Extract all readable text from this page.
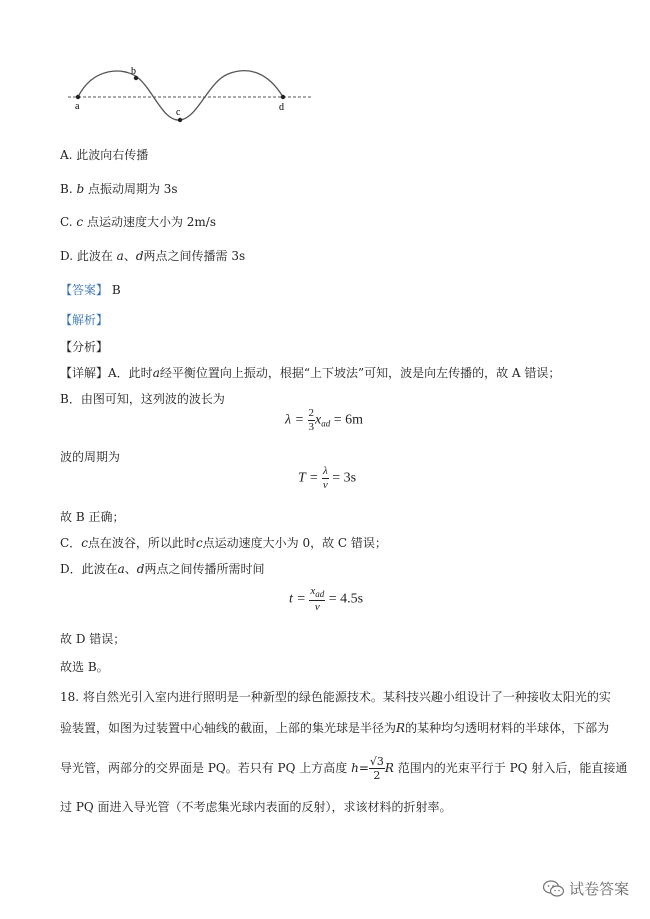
a
b
c	d
A. 此波向右传播
B. b 点振动周期为 3s
C. c 点运动速度大小为 2m/s
D. 此波在 a、d两点之间传播需 3s
【答案】 B
【解析】
【分析】
【详解】A．此时a经平衡位置向上振动，根据“上下坡法”可知，波是向左传播的，故 A 错误；
B．由图可知，这列波的波长为
$\lambda = \frac{2}{3} x_{ad} = 6m$
波的周期为
$T = \frac{\lambda}{v} = 3s$
故 B 正确；
C．c点在波谷，所以此时c点运动速度大小为 0，故 C 错误；
D．此波在a、d两点之间传播所需时间
$t = \frac{x_{ad}}{v} = 4.5s$
故 D 错误；
故选 B。
18. 将自然光引入室内进行照明是一种新型的绿色能源技术。某科技兴趣小组设计了一种接收太阳光的实
验装置，如图为过装置中心轴线的截面，上部的集光球是半径为R的某种均匀透明材料的半球体，下部为
导光管，两部分的交界面是 PQ。若只有 PQ 上方高度 $h= \frac{√3}{2}$ R 范围内的光束平行于 PQ 射入后，能直接通
过 PQ 面进入导光管（不考虑集光球内表面的反射），求该材料的折射率。
试卷答案
